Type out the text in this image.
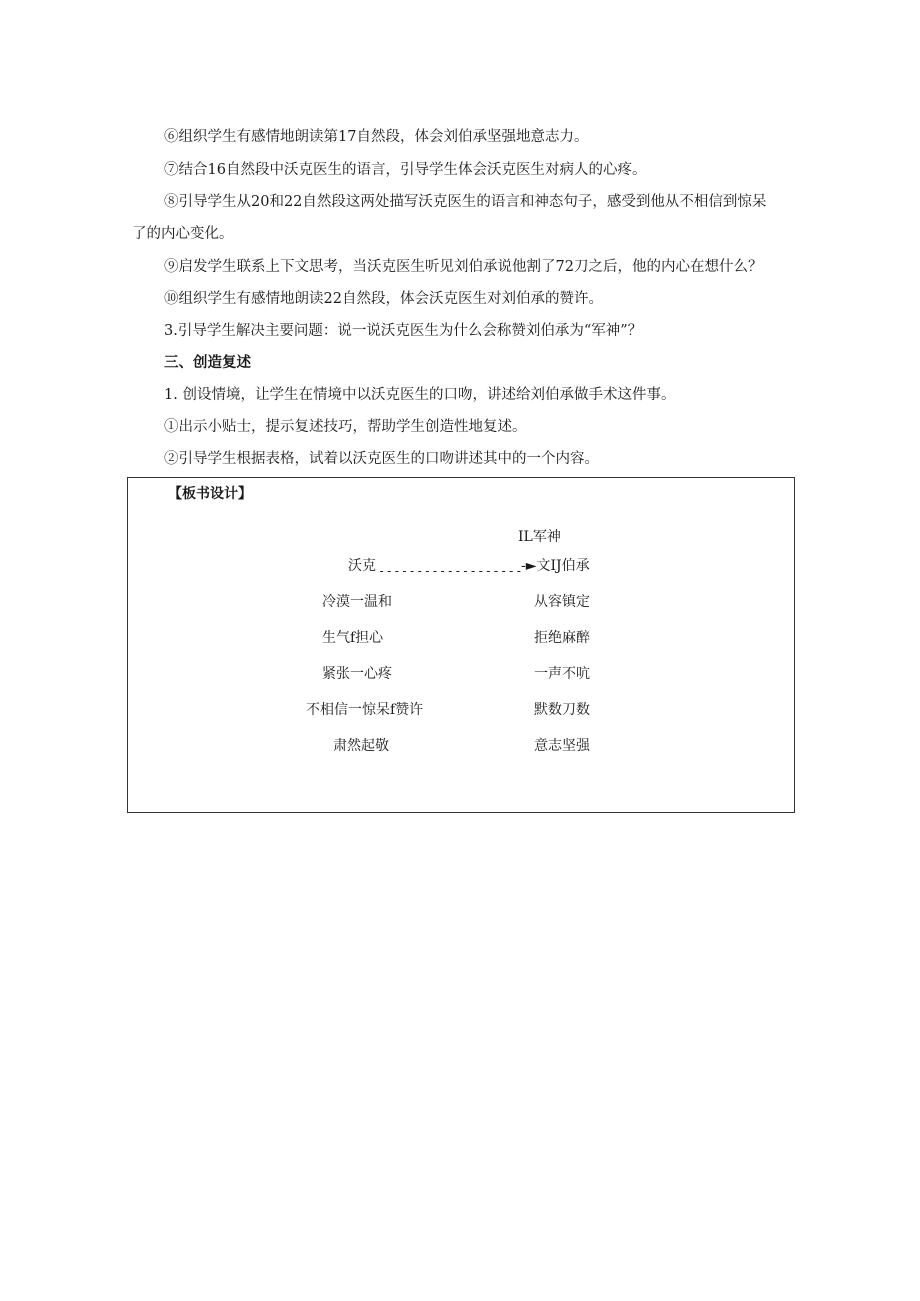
⑥组织学生有感情地朗读第17自然段，体会刘伯承坚强地意志力。
⑦结合16自然段中沃克医生的语言，引导学生体会沃克医生对病人的心疼。
⑧引导学生从20和22自然段这两处描写沃克医生的语言和神态句子，感受到他从不相信到惊呆
了的内心变化。
⑨启发学生联系上下文思考，当沃克医生听见刘伯承说他割了72刀之后，他的内心在想什么？
⑩组织学生有感情地朗读22自然段，体会沃克医生对刘伯承的赞许。
3.引导学生解决主要问题：说一说沃克医生为什么会称赞刘伯承为“军神”？
三、创造复述
1. 创设情境，让学生在情境中以沃克医生的口吻，讲述给刘伯承做手术这件事。
①出示小贴士，提示复述技巧，帮助学生创造性地复述。
②引导学生根据表格，试着以沃克医生的口吻讲述其中的一个内容。
【板书设计】
IL军神
沃克 -------------------
-►文IJ伯承
冷漠一温和	从容镇定
生气f担心	拒绝麻醉
紧张一心疼	一声不吭
不相信一惊呆f赞许	默数刀数
肃然起敬	意志坚强
